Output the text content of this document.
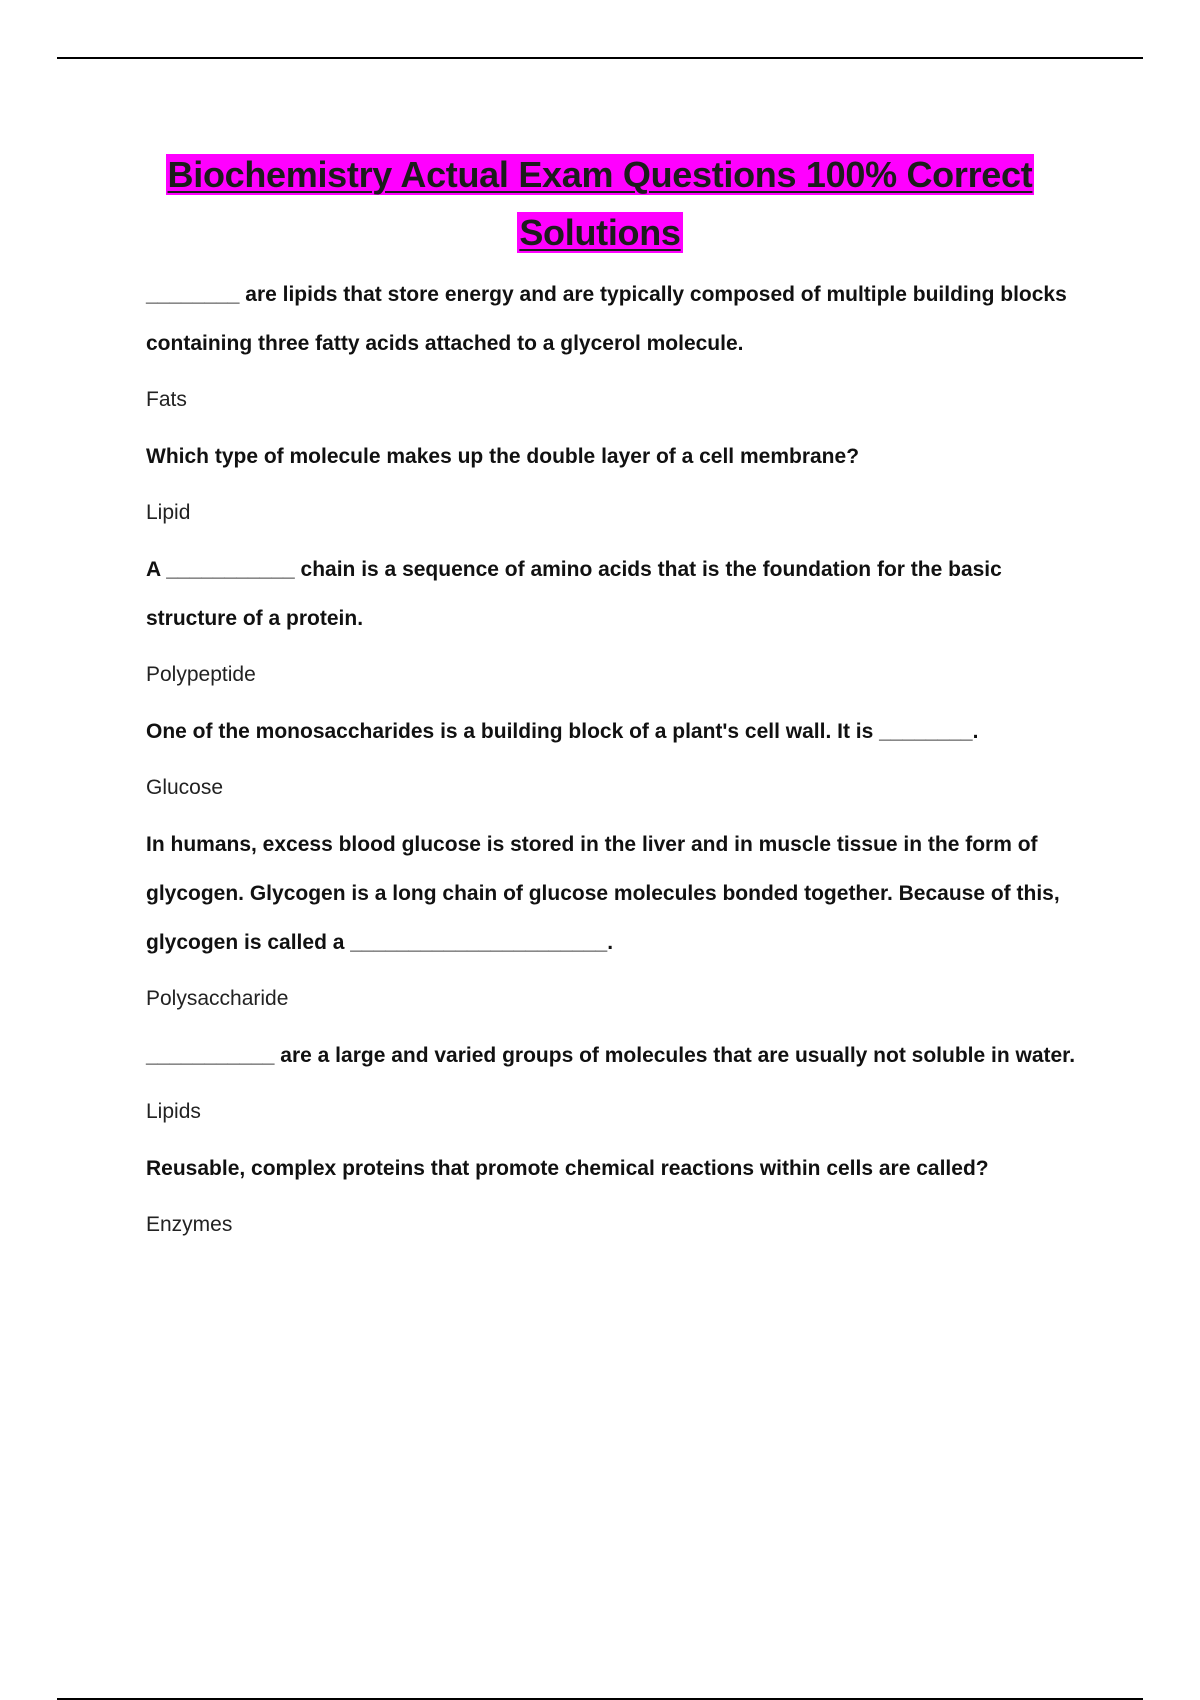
Biochemistry Actual Exam Questions 100% Correct Solutions

________ are lipids that store energy and are typically composed of multiple building blocks containing three fatty acids attached to a glycerol molecule.

Fats

Which type of molecule makes up the double layer of a cell membrane?

Lipid

A ___________ chain is a sequence of amino acids that is the foundation for the basic structure of a protein.

Polypeptide

One of the monosaccharides is a building block of a plant's cell wall. It is ________.

Glucose

In humans, excess blood glucose is stored in the liver and in muscle tissue in the form of glycogen. Glycogen is a long chain of glucose molecules bonded together. Because of this, glycogen is called a ______________________.

Polysaccharide

___________ are a large and varied groups of molecules that are usually not soluble in water.

Lipids

Reusable, complex proteins that promote chemical reactions within cells are called?

Enzymes
